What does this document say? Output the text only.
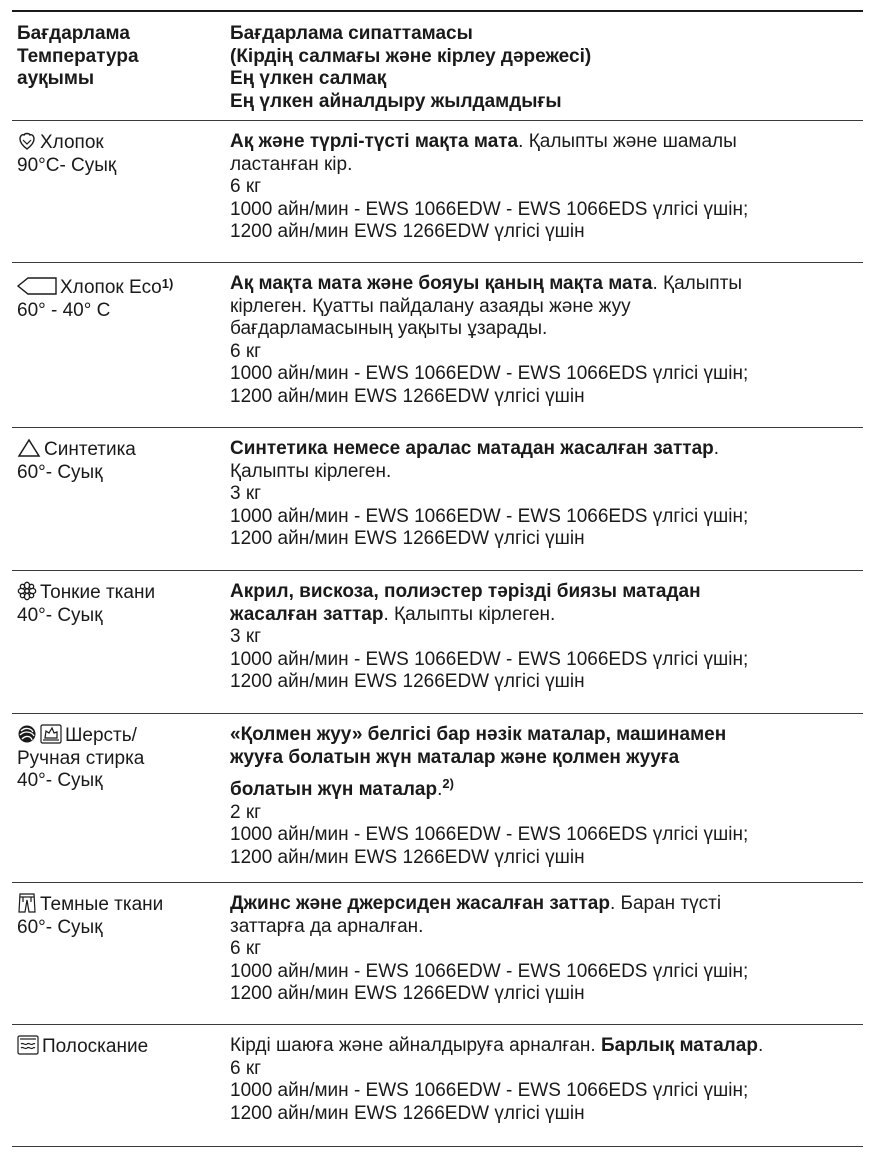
Бағдарлама
Температура
ауқымы
Бағдарлама сипаттамасы
(Кірдің салмағы және кірлеу дәрежесі)
Ең үлкен салмақ
Ең үлкен айналдыру жылдамдығы
Хлопок
90°C- Суық
Ақ және түрлі-түсті мақта мата. Қалыпты және шамалы
ластанған кір.
6 кг
1000 айн/мин - EWS 1066EDW - EWS 1066EDS үлгісі үшін;
1200 айн/мин EWS 1266EDW үлгісі үшін
Хлопок Eco$^{1)}$
60° - 40° C
Ақ мақта мата және бояуы қаның мақта мата. Қалыпты
кірлеген. Қуатты пайдалану азаяды және жуу
бағдарламасының уақыты ұзарады.
6 кг
1000 айн/мин - EWS 1066EDW - EWS 1066EDS үлгісі үшін;
1200 айн/мин EWS 1266EDW үлгісі үшін
Синтетика
60°- Суық
Синтетика немесе аралас матадан жасалған заттар.
Қалыпты кірлеген.
3 кг
1000 айн/мин - EWS 1066EDW - EWS 1066EDS үлгісі үшін;
1200 айн/мин EWS 1266EDW үлгісі үшін
Тонкие ткани
40°- Суық
Акрил, вискоза, полиэстер тәрізді биязы матадан
жасалған заттар. Қалыпты кірлеген.
3 кг
1000 айн/мин - EWS 1066EDW - EWS 1066EDS үлгісі үшін;
1200 айн/мин EWS 1266EDW үлгісі үшін
Шерсть/
Ручная стирка
40°- Суық
«Қолмен жуу» белгісі бар нәзік маталар, машинамен
жууға болатын жүн маталар және қолмен жууға
болатын жүн маталар.$^{2)}$
2 кг
1000 айн/мин - EWS 1066EDW - EWS 1066EDS үлгісі үшін;
1200 айн/мин EWS 1266EDW үлгісі үшін
Темные ткани
60°- Суық
Джинс және джерсиден жасалған заттар. Баран түсті
заттарға да арналған.
6 кг
1000 айн/мин - EWS 1066EDW - EWS 1066EDS үлгісі үшін;
1200 айн/мин EWS 1266EDW үлгісі үшін
Полоскание	Кірді шаюға және айналдыруға арналған. Барлық маталар.
6 кг
1000 айн/мин - EWS 1066EDW - EWS 1066EDS үлгісі үшін;
1200 айн/мин EWS 1266EDW үлгісі үшін
